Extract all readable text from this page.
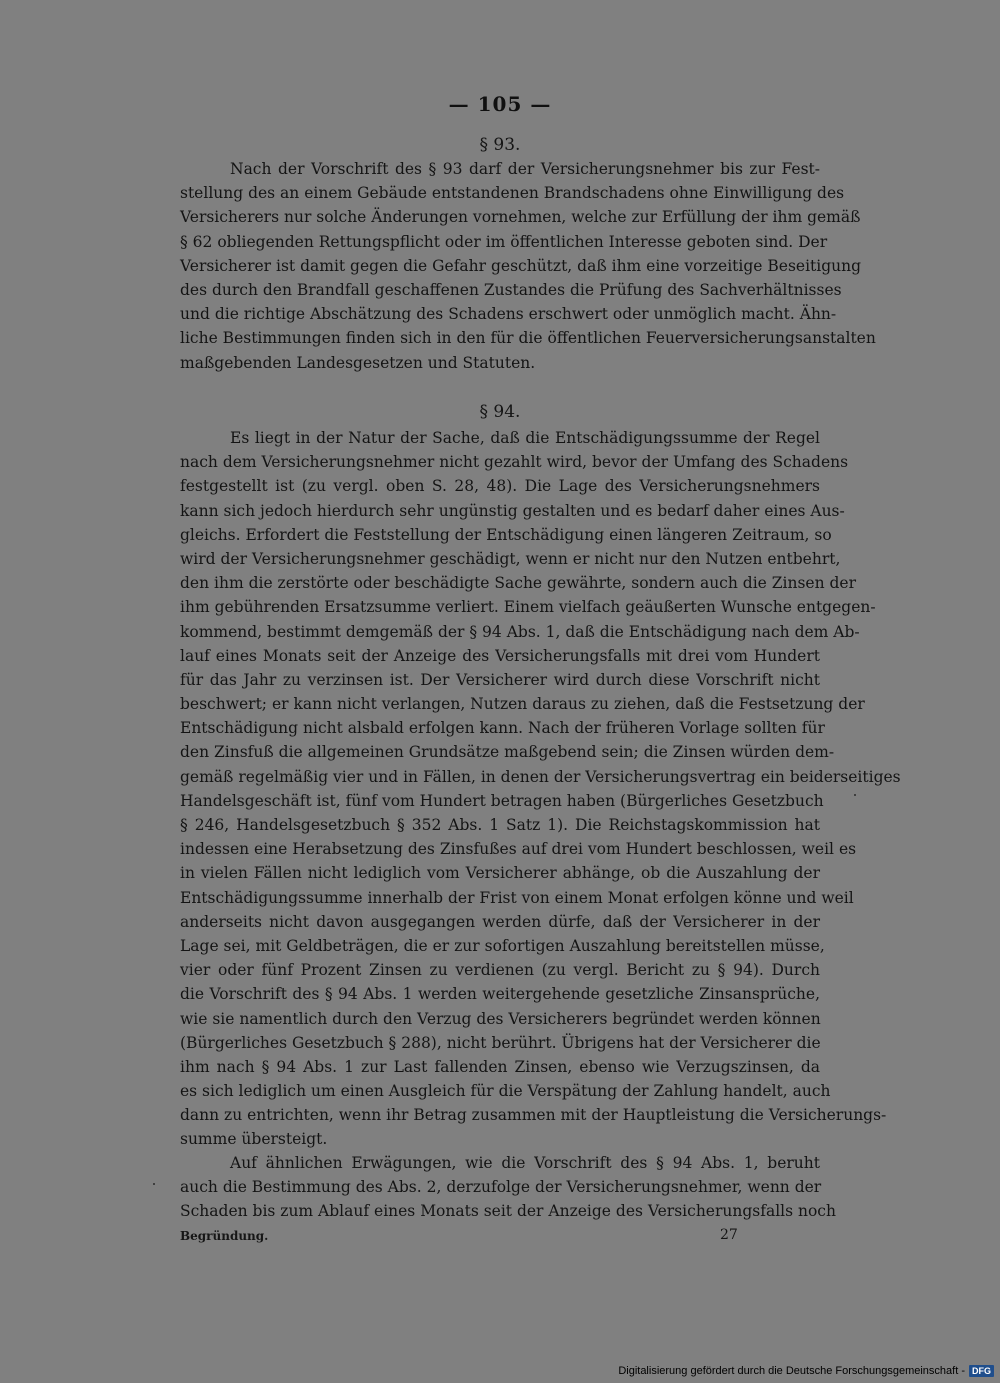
— 105 —
§ 93.
Nach der Vorschrift des § 93 darf der Versicherungsnehmer bis zur Fest-
stellung des an einem Gebäude entstandenen Brandschadens ohne Einwilligung des
Versicherers nur solche Änderungen vornehmen, welche zur Erfüllung der ihm gemäß
§ 62 obliegenden Rettungspflicht oder im öffentlichen Interesse geboten sind. Der
Versicherer ist damit gegen die Gefahr geschützt, daß ihm eine vorzeitige Beseitigung
des durch den Brandfall geschaffenen Zustandes die Prüfung des Sachverhältnisses
und die richtige Abschätzung des Schadens erschwert oder unmöglich macht. Ähn-
liche Bestimmungen finden sich in den für die öffentlichen Feuerversicherungsanstalten
maßgebenden Landesgesetzen und Statuten.
§ 94.
Es liegt in der Natur der Sache, daß die Entschädigungssumme der Regel
nach dem Versicherungsnehmer nicht gezahlt wird, bevor der Umfang des Schadens
festgestellt ist (zu vergl. oben S. 28, 48). Die Lage des Versicherungsnehmers
kann sich jedoch hierdurch sehr ungünstig gestalten und es bedarf daher eines Aus-
gleichs. Erfordert die Feststellung der Entschädigung einen längeren Zeitraum, so
wird der Versicherungsnehmer geschädigt, wenn er nicht nur den Nutzen entbehrt,
den ihm die zerstörte oder beschädigte Sache gewährte, sondern auch die Zinsen der
ihm gebührenden Ersatzsumme verliert. Einem vielfach geäußerten Wunsche entgegen-
kommend, bestimmt demgemäß der § 94 Abs. 1, daß die Entschädigung nach dem Ab-
lauf eines Monats seit der Anzeige des Versicherungsfalls mit drei vom Hundert
für das Jahr zu verzinsen ist. Der Versicherer wird durch diese Vorschrift nicht
beschwert; er kann nicht verlangen, Nutzen daraus zu ziehen, daß die Festsetzung der
Entschädigung nicht alsbald erfolgen kann. Nach der früheren Vorlage sollten für
den Zinsfuß die allgemeinen Grundsätze maßgebend sein; die Zinsen würden dem-
gemäß regelmäßig vier und in Fällen, in denen der Versicherungsvertrag ein beiderseitiges
Handelsgeschäft ist, fünf vom Hundert betragen haben (Bürgerliches Gesetzbuch
§ 246, Handelsgesetzbuch § 352 Abs. 1 Satz 1). Die Reichstagskommission hat
indessen eine Herabsetzung des Zinsfußes auf drei vom Hundert beschlossen, weil es
in vielen Fällen nicht lediglich vom Versicherer abhänge, ob die Auszahlung der
Entschädigungssumme innerhalb der Frist von einem Monat erfolgen könne und weil
anderseits nicht davon ausgegangen werden dürfe, daß der Versicherer in der
Lage sei, mit Geldbeträgen, die er zur sofortigen Auszahlung bereitstellen müsse,
vier oder fünf Prozent Zinsen zu verdienen (zu vergl. Bericht zu § 94). Durch
die Vorschrift des § 94 Abs. 1 werden weitergehende gesetzliche Zinsansprüche,
wie sie namentlich durch den Verzug des Versicherers begründet werden können
(Bürgerliches Gesetzbuch § 288), nicht berührt. Übrigens hat der Versicherer die
ihm nach § 94 Abs. 1 zur Last fallenden Zinsen, ebenso wie Verzugszinsen, da
es sich lediglich um einen Ausgleich für die Verspätung der Zahlung handelt, auch
dann zu entrichten, wenn ihr Betrag zusammen mit der Hauptleistung die Versicherungs-
summe übersteigt.
Auf ähnlichen Erwägungen, wie die Vorschrift des § 94 Abs. 1, beruht
auch die Bestimmung des Abs. 2, derzufolge der Versicherungsnehmer, wenn der
Schaden bis zum Ablauf eines Monats seit der Anzeige des Versicherungsfalls noch
Begründung.	27
Digitalisierung gefördert durch die Deutsche Forschungsgemeinschaft - DFG
